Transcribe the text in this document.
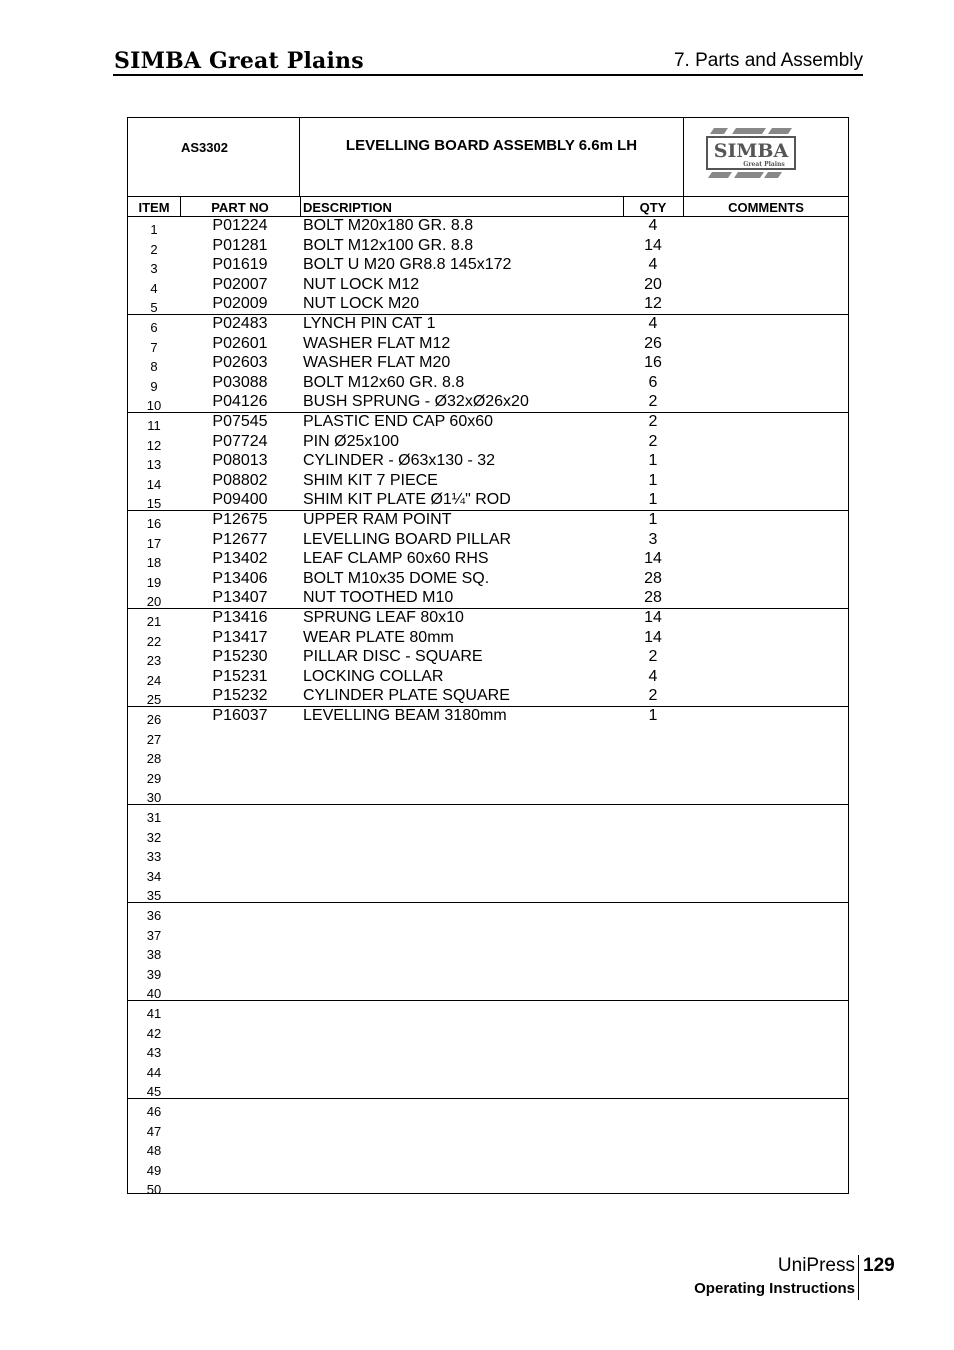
SIMBA Great Plains	7. Parts and Assembly
AS3302	LEVELLING BOARD ASSEMBLY 6.6m LH	SIMBA
Great Plains
ITEM	PART NO	DESCRIPTION	QTY	COMMENTS
1	P01224	BOLT M20x180 GR. 8.8	4
2	P01281	BOLT M12x100 GR. 8.8	14
3	P01619	BOLT U M20 GR8.8 145x172	4
4	P02007	NUT LOCK M12	20
5	P02009	NUT LOCK M20	12
6	P02483	LYNCH PIN CAT 1	4
7	P02601	WASHER FLAT M12	26
8	P02603	WASHER FLAT M20	16
9	P03088	BOLT M12x60 GR. 8.8	6
10	P04126	BUSH SPRUNG - Ø32xØ26x20	2
11	P07545	PLASTIC END CAP 60x60	2
12	P07724	PIN Ø25x100	2
13	P08013	CYLINDER - Ø63x130 - 32	1
14	P08802	SHIM KIT 7 PIECE	1
15	P09400	SHIM KIT PLATE Ø1¼" ROD	1
16	P12675	UPPER RAM POINT	1
17	P12677	LEVELLING BOARD PILLAR	3
18	P13402	LEAF CLAMP 60x60 RHS	14
19	P13406	BOLT M10x35 DOME SQ.	28
20	P13407	NUT TOOTHED M10	28
21	P13416	SPRUNG LEAF 80x10	14
22	P13417	WEAR PLATE 80mm	14
23	P15230	PILLAR DISC - SQUARE	2
24	P15231	LOCKING COLLAR	4
25	P15232	CYLINDER PLATE SQUARE	2
26	P16037	LEVELLING BEAM 3180mm	1
27
28
29
30
31
32
33
34
35
36
37
38
39
40
41
42
43
44
45
46
47
48
49
50
UniPress 129
Operating Instructions
